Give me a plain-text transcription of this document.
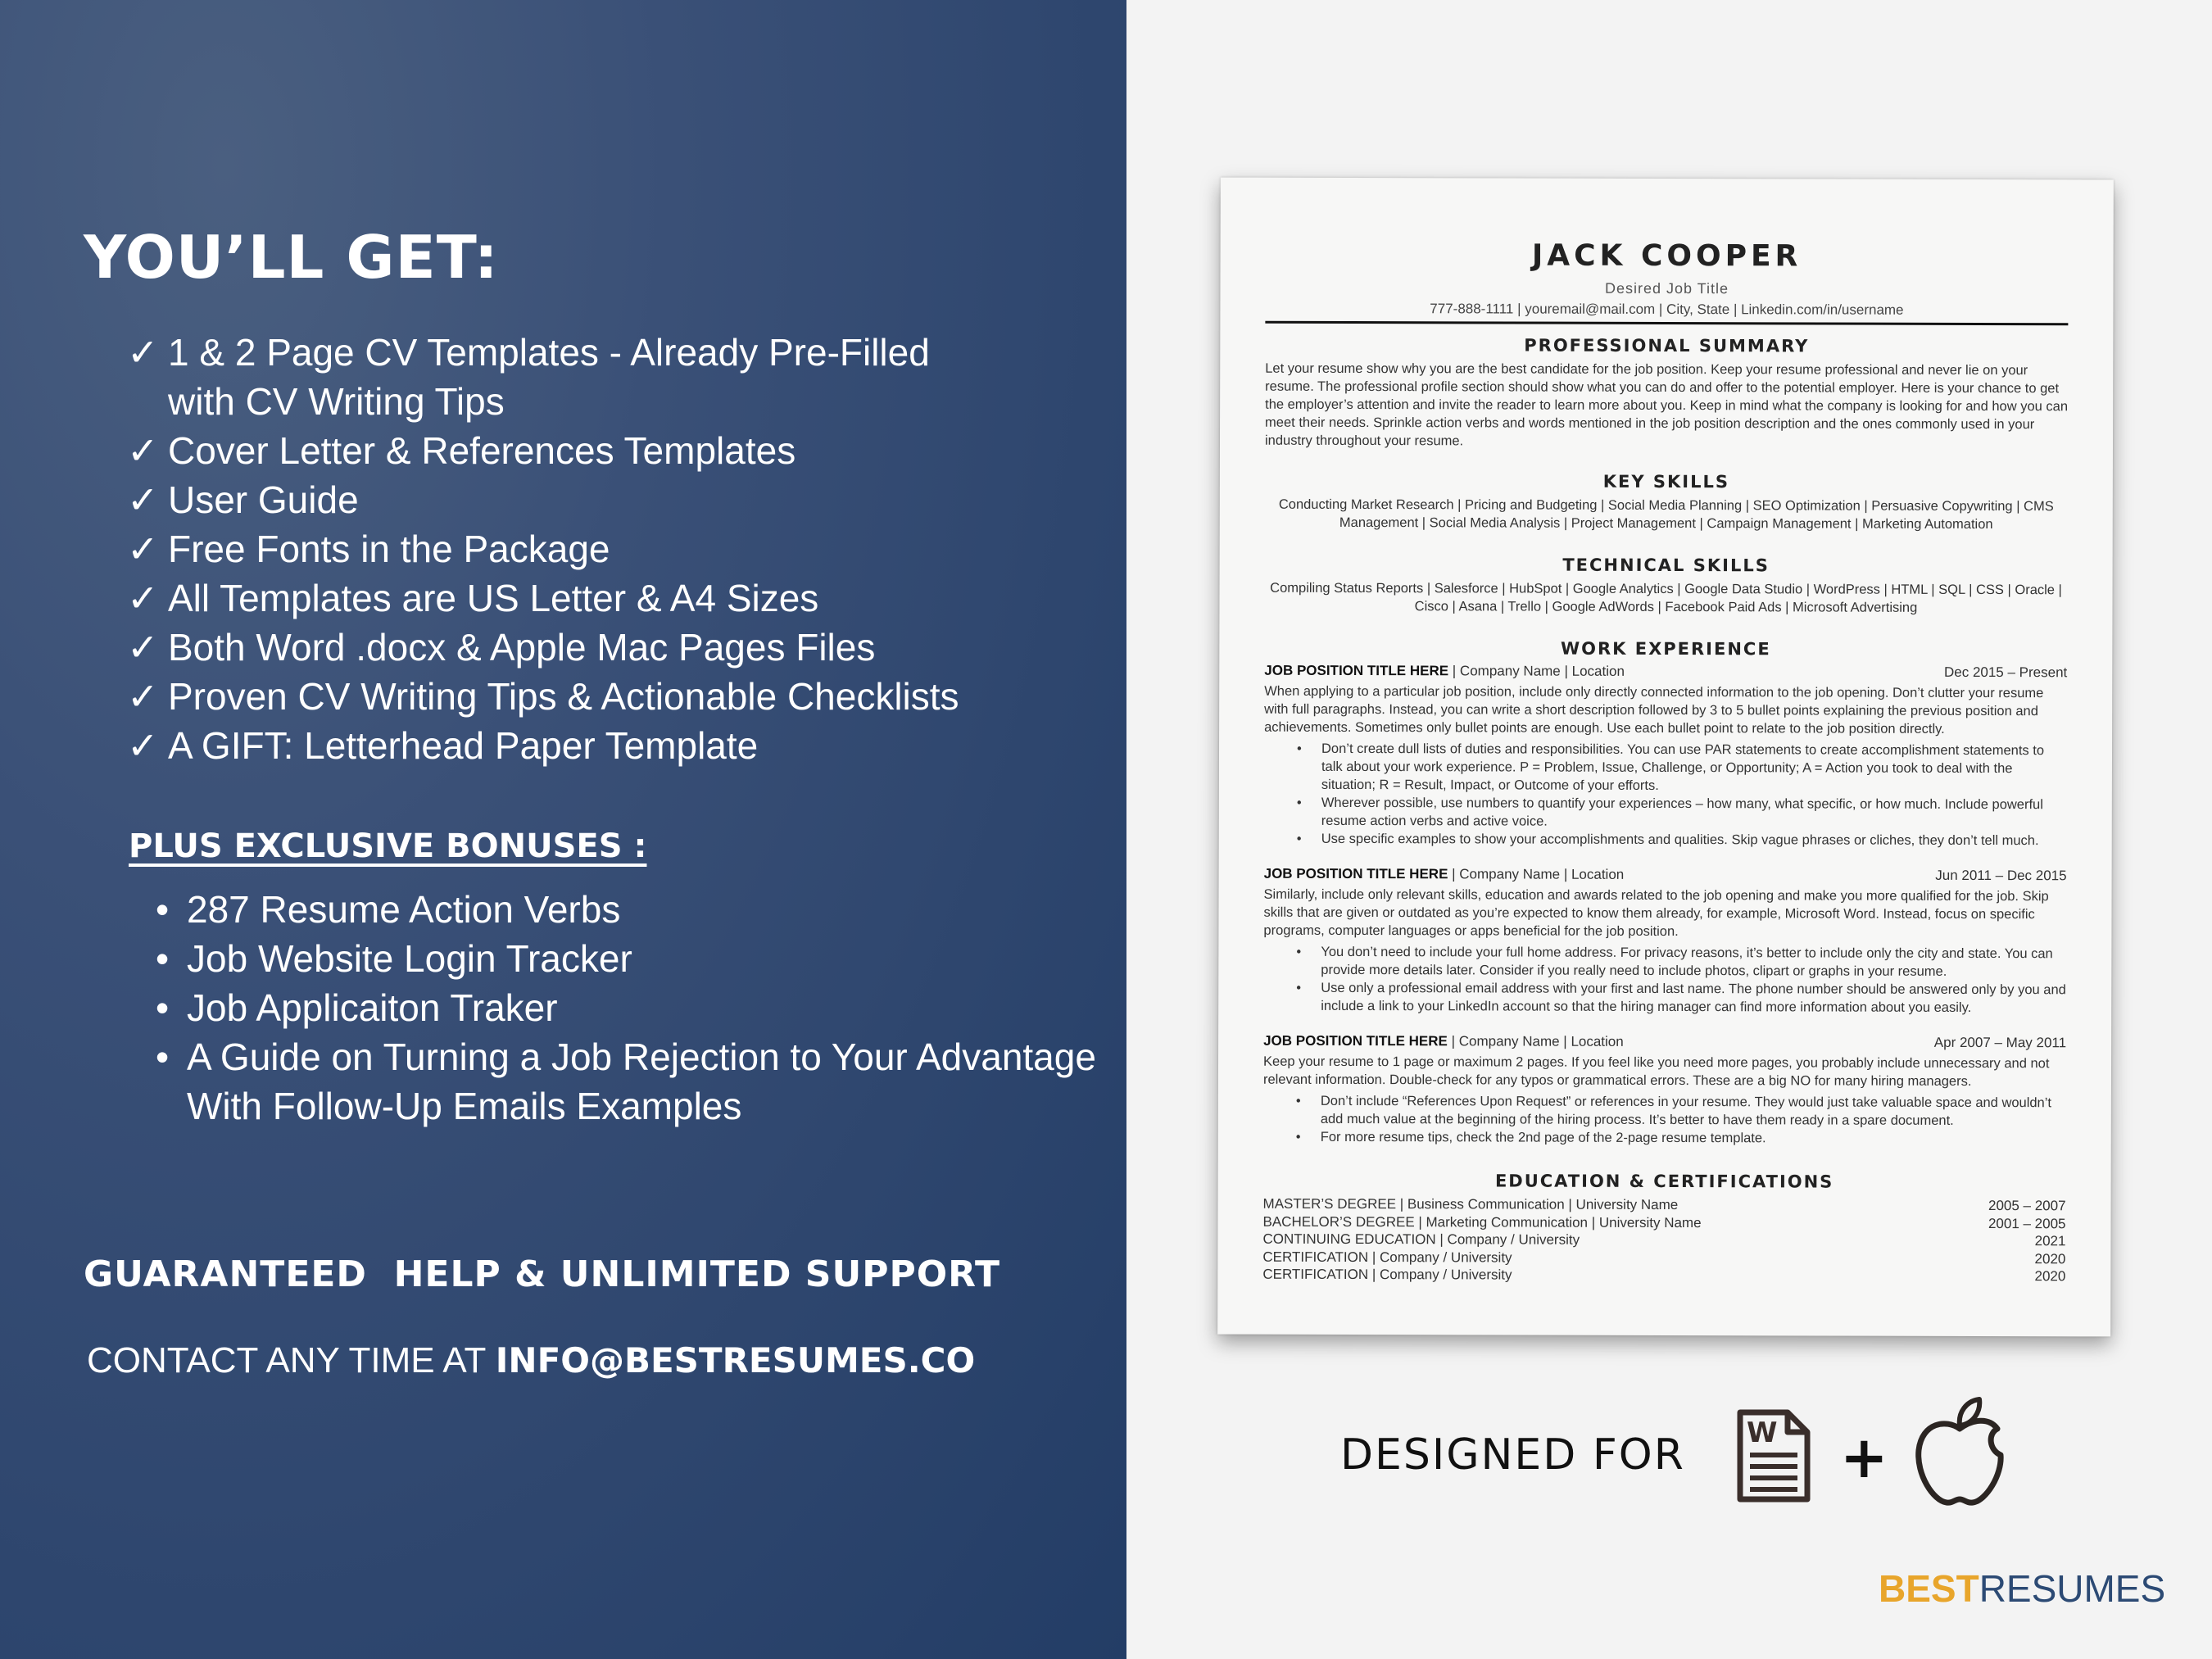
YOU’LL GET:
✓ 1 & 2 Page CV Templates - Already Pre-Filled
with CV Writing Tips
✓ Cover Letter & References Templates
✓ User Guide
✓ Free Fonts in the Package
✓ All Templates are US Letter & A4 Sizes
✓ Both Word .docx & Apple Mac Pages Files
✓ Proven CV Writing Tips & Actionable Checklists
✓ A GIFT: Letterhead Paper Template
PLUS EXCLUSIVE BONUSES :
• 287 Resume Action Verbs
• Job Website Login Tracker
• Job Applicaiton Traker
• A Guide on Turning a Job Rejection to Your Advantage
With Follow-Up Emails Examples
GUARANTEED  HELP & UNLIMITED SUPPORT
CONTACT ANY TIME AT INFO@BESTRESUMES.CO
JACK COOPER
Desired Job Title
777-888-1111 | youremail@mail.com | City, State | Linkedin.com/in/username
PROFESSIONAL SUMMARY
Let your resume show why you are the best candidate for the job position. Keep your resume professional and never lie on your resume. The professional profile section should show what you can do and offer to the potential employer. Here is your chance to get the employer’s attention and invite the reader to learn more about you. Keep in mind what the company is looking for and how you can meet their needs. Sprinkle action verbs and words mentioned in the job position description and the ones commonly used in your industry throughout your resume.
KEY SKILLS
Conducting Market Research | Pricing and Budgeting | Social Media Planning | SEO Optimization | Persuasive Copywriting | CMS Management | Social Media Analysis | Project Management | Campaign Management | Marketing Automation
TECHNICAL SKILLS
Compiling Status Reports | Salesforce | HubSpot | Google Analytics | Google Data Studio | WordPress | HTML | SQL | CSS | Oracle | Cisco | Asana | Trello | Google AdWords | Facebook Paid Ads | Microsoft Advertising
WORK EXPERIENCE
JOB POSITION TITLE HERE | Company Name | Location	Dec 2015 – Present
When applying to a particular job position, include only directly connected information to the job opening. Don’t clutter your resume with full paragraphs. Instead, you can write a short description followed by 3 to 5 bullet points explaining the previous position and achievements. Sometimes only bullet points are enough. Use each bullet point to relate to the job position directly.
• Don’t create dull lists of duties and responsibilities. You can use PAR statements to create accomplishment statements to talk about your work experience. P = Problem, Issue, Challenge, or Opportunity; A = Action you took to deal with the situation; R = Result, Impact, or Outcome of your efforts.
• Wherever possible, use numbers to quantify your experiences – how many, what specific, or how much. Include powerful resume action verbs and active voice.
• Use specific examples to show your accomplishments and qualities. Skip vague phrases or cliches, they don’t tell much.
JOB POSITION TITLE HERE | Company Name | Location	Jun 2011 – Dec 2015
Similarly, include only relevant skills, education and awards related to the job opening and make you more qualified for the job. Skip skills that are given or outdated as you’re expected to know them already, for example, Microsoft Word. Instead, focus on specific programs, computer languages or apps beneficial for the job position.
• You don’t need to include your full home address. For privacy reasons, it’s better to include only the city and state. You can provide more details later. Consider if you really need to include photos, clipart or graphs in your resume.
• Use only a professional email address with your first and last name. The phone number should be answered only by you and include a link to your LinkedIn account so that the hiring manager can find more information about you easily.
JOB POSITION TITLE HERE | Company Name | Location	Apr 2007 – May 2011
Keep your resume to 1 page or maximum 2 pages. If you feel like you need more pages, you probably include unnecessary and not relevant information. Double-check for any typos or grammatical errors. These are a big NO for many hiring managers.
• Don’t include “References Upon Request” or references in your resume. They would just take valuable space and wouldn’t add much value at the beginning of the hiring process. It’s better to have them ready in a spare document.
• For more resume tips, check the 2nd page of the 2-page resume template.
EDUCATION & CERTIFICATIONS
MASTER’S DEGREE | Business Communication | University Name	2005 – 2007
BACHELOR’S DEGREE | Marketing Communication | University Name	2001 – 2005
CONTINUING EDUCATION | Company / University	2021
CERTIFICATION | Company / University	2020
CERTIFICATION | Company / University	2020
DESIGNED FOR W +
BESTRESUMES
